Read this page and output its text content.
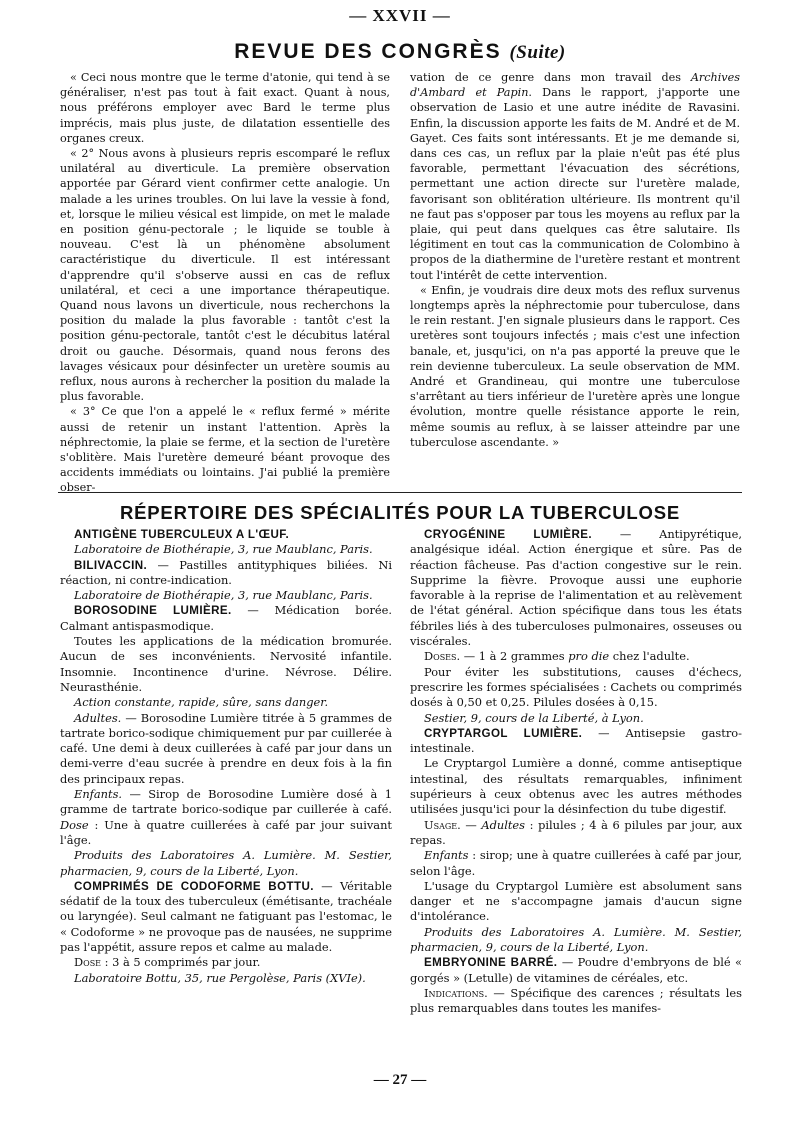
— XXVII —
REVUE DES CONGRÈS (Suite)

« Ceci nous montre que le terme d'atonie, qui tend à se généraliser, n'est pas tout à fait exact. Quant à nous, nous préférons employer avec Bard le terme plus imprécis, mais plus juste, de dilatation essentielle des organes creux.

« 2° Nous avons à plusieurs repris escomparé le reflux unilatéral au diverticule. La première observation apportée par Gérard vient confirmer cette analogie. Un malade a les urines troubles. On lui lave la vessie à fond, et, lorsque le milieu vésical est limpide, on met le malade en position génu-pectorale ; le liquide se touble à nouveau. C'est là un phénomène absolument caractéristique du diverticule. Il est intéressant d'apprendre qu'il s'observe aussi en cas de reflux unilatéral, et ceci a une importance thérapeutique. Quand nous lavons un diverticule, nous recherchons la position du malade la plus favorable : tantôt c'est la position génu-pectorale, tantôt c'est le décubitus latéral droit ou gauche. Désormais, quand nous ferons des lavages vésicaux pour désinfecter un uretère soumis au reflux, nous aurons à rechercher la position du malade la plus favorable.

« 3° Ce que l'on a appelé le « reflux fermé » mérite aussi de retenir un instant l'attention. Après la néphrectomie, la plaie se ferme, et la section de l'uretère s'oblitère. Mais l'uretère demeuré béant provoque des accidents immédiats ou lointains. J'ai publié la première obser-

vation de ce genre dans mon travail des Archives d'Ambard et Papin. Dans le rapport, j'apporte une observation de Lasio et une autre inédite de Ravasini. Enfin, la discussion apporte les faits de M. André et de M. Gayet. Ces faits sont intéressants. Et je me demande si, dans ces cas, un reflux par la plaie n'eût pas été plus favorable, permettant l'évacuation des sécrétions, permettant une action directe sur l'uretère malade, favorisant son oblitération ultérieure. Ils montrent qu'il ne faut pas s'opposer par tous les moyens au reflux par la plaie, qui peut dans quelques cas être salutaire. Ils légitiment en tout cas la communication de Colombino à propos de la diathermine de l'uretère restant et montrent tout l'intérêt de cette intervention.

« Enfin, je voudrais dire deux mots des reflux survenus longtemps après la néphrectomie pour tuberculose, dans le rein restant. J'en signale plusieurs dans le rapport. Ces uretères sont toujours infectés ; mais c'est une infection banale, et, jusqu'ici, on n'a pas apporté la preuve que le rein devienne tuberculeux. La seule observation de MM. André et Grandineau, qui montre une tuberculose s'arrêtant au tiers inférieur de l'uretère après une longue évolution, montre quelle résistance apporte le rein, même soumis au reflux, à se laisser atteindre par une tuberculose ascendante. »

RÉPERTOIRE DES SPÉCIALITÉS POUR LA TUBERCULOSE

ANTIGÈNE TUBERCULEUX A L'ŒUF.

Laboratoire de Biothérapie, 3, rue Maublanc, Paris.

BILIVACCIN. — Pastilles antityphiques biliées. Ni réaction, ni contre-indication.

Laboratoire de Biothérapie, 3, rue Maublanc, Paris.

BOROSODINE LUMIÈRE. — Médication borée. Calmant antispasmodique.

Toutes les applications de la médication bromurée. Aucun de ses inconvénients. Nervosité infantile. Insomnie. Incontinence d'urine. Névrose. Délire. Neurasthénie.

Action constante, rapide, sûre, sans danger.

Adultes. — Borosodine Lumière titrée à 5 grammes de tartrate borico-sodique chimiquement pur par cuillerée à café. Une demi à deux cuillerées à café par jour dans un demi-verre d'eau sucrée à prendre en deux fois à la fin des principaux repas.

Enfants. — Sirop de Borosodine Lumière dosé à 1 gramme de tartrate borico-sodique par cuillerée à café. Dose : Une à quatre cuillerées à café par jour suivant l'âge.

Produits des Laboratoires A. Lumière. M. Sestier, pharmacien, 9, cours de la Liberté, Lyon.

COMPRIMÉS DE CODOFORME BOTTU. — Véritable sédatif de la toux des tuberculeux (émétisante, trachéale ou laryngée). Seul calmant ne fatiguant pas l'estomac, le « Codoforme » ne provoque pas de nausées, ne supprime pas l'appétit, assure repos et calme au malade.

Dose : 3 à 5 comprimés par jour.

Laboratoire Bottu, 35, rue Pergolèse, Paris (XVIe).

CRYOGÉNINE LUMIÈRE. — Antipyrétique, analgésique idéal. Action énergique et sûre. Pas de réaction fâcheuse. Pas d'action congestive sur le rein. Supprime la fièvre. Provoque aussi une euphorie favorable à la reprise de l'alimentation et au relèvement de l'état général. Action spécifique dans tous les états fébriles liés à des tuberculoses pulmonaires, osseuses ou viscérales.

Doses. — 1 à 2 grammes pro die chez l'adulte.

Pour éviter les substitutions, causes d'échecs, prescrire les formes spécialisées : Cachets ou comprimés dosés à 0,50 et 0,25. Pilules dosées à 0,15.

Sestier, 9, cours de la Liberté, à Lyon.

CRYPTARGOL LUMIÈRE. — Antisepsie gastro-intestinale.

Le Cryptargol Lumière a donné, comme antiseptique intestinal, des résultats remarquables, infiniment supérieurs à ceux obtenus avec les autres méthodes utilisées jusqu'ici pour la désinfection du tube digestif.

Usage. — Adultes : pilules ; 4 à 6 pilules par jour, aux repas.

Enfants : sirop; une à quatre cuillerées à café par jour, selon l'âge.

L'usage du Cryptargol Lumière est absolument sans danger et ne s'accompagne jamais d'aucun signe d'intolérance.

Produits des Laboratoires A. Lumière. M. Sestier, pharmacien, 9, cours de la Liberté, Lyon.

EMBRYONINE BARRÉ. — Poudre d'embryons de blé « gorgés » (Letulle) de vitamines de céréales, etc.

Indications. — Spécifique des carences ; résultats les plus remarquables dans toutes les manifes-

— 27 —
